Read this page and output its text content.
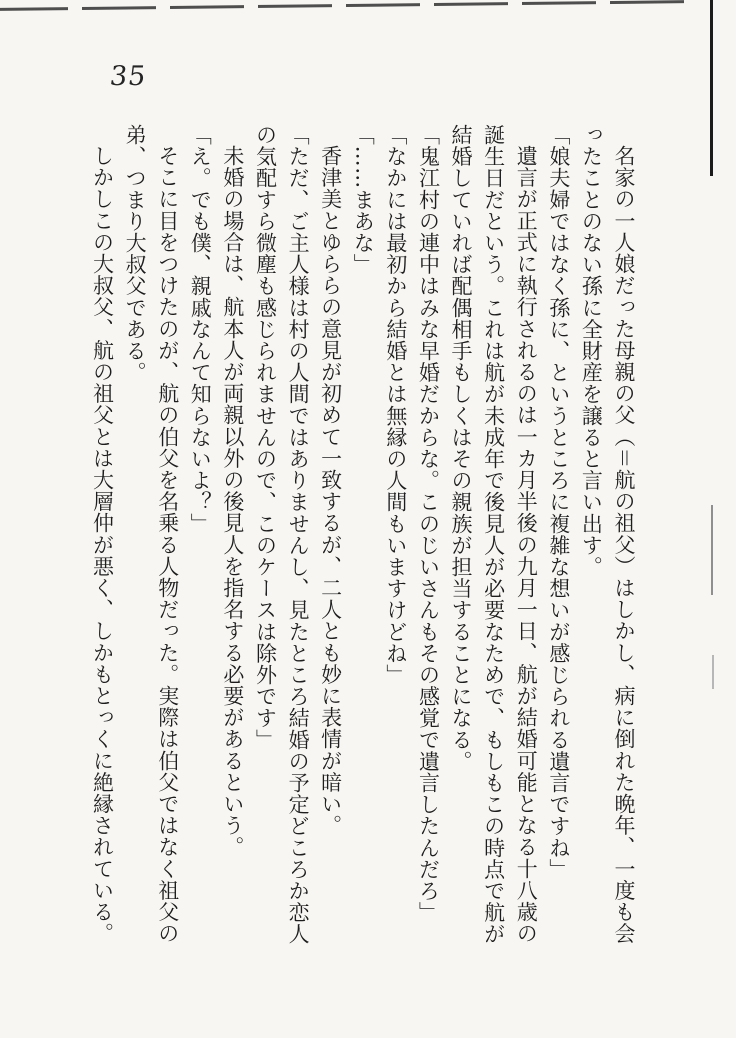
35
名家の一人娘だった母親の父（＝航の祖父）はしかし、病に倒れた晩年、一度も会
ったことのない孫に全財産を譲ると言い出す。
「娘夫婦ではなく孫に、というところに複雑な想いが感じられる遺言ですね」
遺言が正式に執行されるのは一カ月半後の九月一日、航が結婚可能となる十八歳の
誕生日だという。これは航が未成年で後見人が必要なためで、もしもこの時点で航が
結婚していれば配偶相手もしくはその親族が担当することになる。
「鬼江村の連中はみな早婚だからな。このじいさんもその感覚で遺言したんだろ」
「なかには最初から結婚とは無縁の人間もいますけどね」
「……まあな」
香津美とゆららの意見が初めて一致するが、二人とも妙に表情が暗い。
「ただ、ご主人様は村の人間ではありませんし、見たところ結婚の予定どころか恋人
の気配すら微塵も感じられませんので、このケースは除外です」
未婚の場合は、航本人が両親以外の後見人を指名する必要があるという。
「え。でも僕、親戚なんて知らないよ？」
そこに目をつけたのが、航の伯父を名乗る人物だった。実際は伯父ではなく祖父の
弟、つまり大叔父である。
しかしこの大叔父、航の祖父とは大層仲が悪く、しかもとっくに絶縁されている。
